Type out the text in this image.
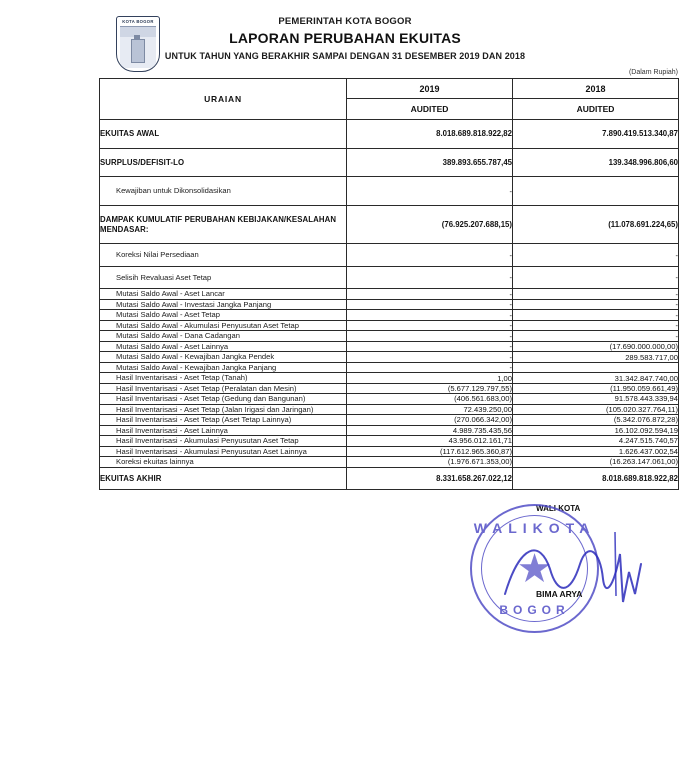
KOTA BOGOR	PEMERINTAH KOTA BOGOR
LAPORAN PERUBAHAN EKUITAS
UNTUK TAHUN YANG BERAKHIR SAMPAI DENGAN 31 DESEMBER 2019 DAN 2018
(Dalam Rupiah)
URAIAN	2019	2018
	AUDITED	AUDITED
EKUITAS AWAL	8.018.689.818.922,82	7.890.419.513.340,87
SURPLUS/DEFISIT-LO	389.893.655.787,45	139.348.996.806,60
Kewajiban untuk Dikonsolidasikan	-	
DAMPAK KUMULATIF PERUBAHAN KEBIJAKAN/KESALAHAN MENDASAR:	(76.925.207.688,15)	(11.078.691.224,65)
Koreksi Nilai Persediaan	-	-
Selisih Revaluasi Aset Tetap	-	-
Mutasi Saldo Awal - Aset Lancar	-	-
Mutasi Saldo Awal - Investasi Jangka Panjang	-	-
Mutasi Saldo Awal - Aset Tetap	-	-
Mutasi Saldo Awal - Akumulasi Penyusutan Aset Tetap	-	-
Mutasi Saldo Awal - Dana Cadangan	-	-
Mutasi Saldo Awal - Aset Lainnya	-	(17.690.000.000,00)
Mutasi Saldo Awal - Kewajiban Jangka Pendek	-	289.583.717,00
Mutasi Saldo Awal - Kewajiban Jangka Panjang	-	
Hasil Inventarisasi - Aset Tetap (Tanah)	1,00	31.342.847.740,00
Hasil Inventarisasi - Aset Tetap (Peralatan dan Mesin)	(5.677.129.797,55)	(11.950.059.661,49)
Hasil Inventarisasi - Aset Tetap (Gedung dan Bangunan)	(406.561.683,00)	91.578.443.339,94
Hasil Inventarisasi - Aset Tetap (Jalan Irigasi dan Jaringan)	72.439.250,00	(105.020.327.764,11)
Hasil Inventarisasi - Aset Tetap (Aset Tetap Lainnya)	(270.066.342,00)	(5.342.076.872,28)
Hasil Inventarisasi - Aset Lainnya	4.989.735.435,56	16.102.092.594,19
Hasil Inventarisasi - Akumulasi Penyusutan Aset Tetap	43.956.012.161,71	4.247.515.740,57
Hasil Inventarisasi - Akumulasi Penyusutan Aset Lainnya	(117.612.965.360,87)	1.626.437.002,54
Koreksi ekuitas lainnya	(1.976.671.353,00)	(16.263.147.061,00)
EKUITAS AKHIR	8.331.658.267.022,12	8.018.689.818.922,82
WALI KOTA
WALIKOTA
★
BOGOR
BIMA ARYA
